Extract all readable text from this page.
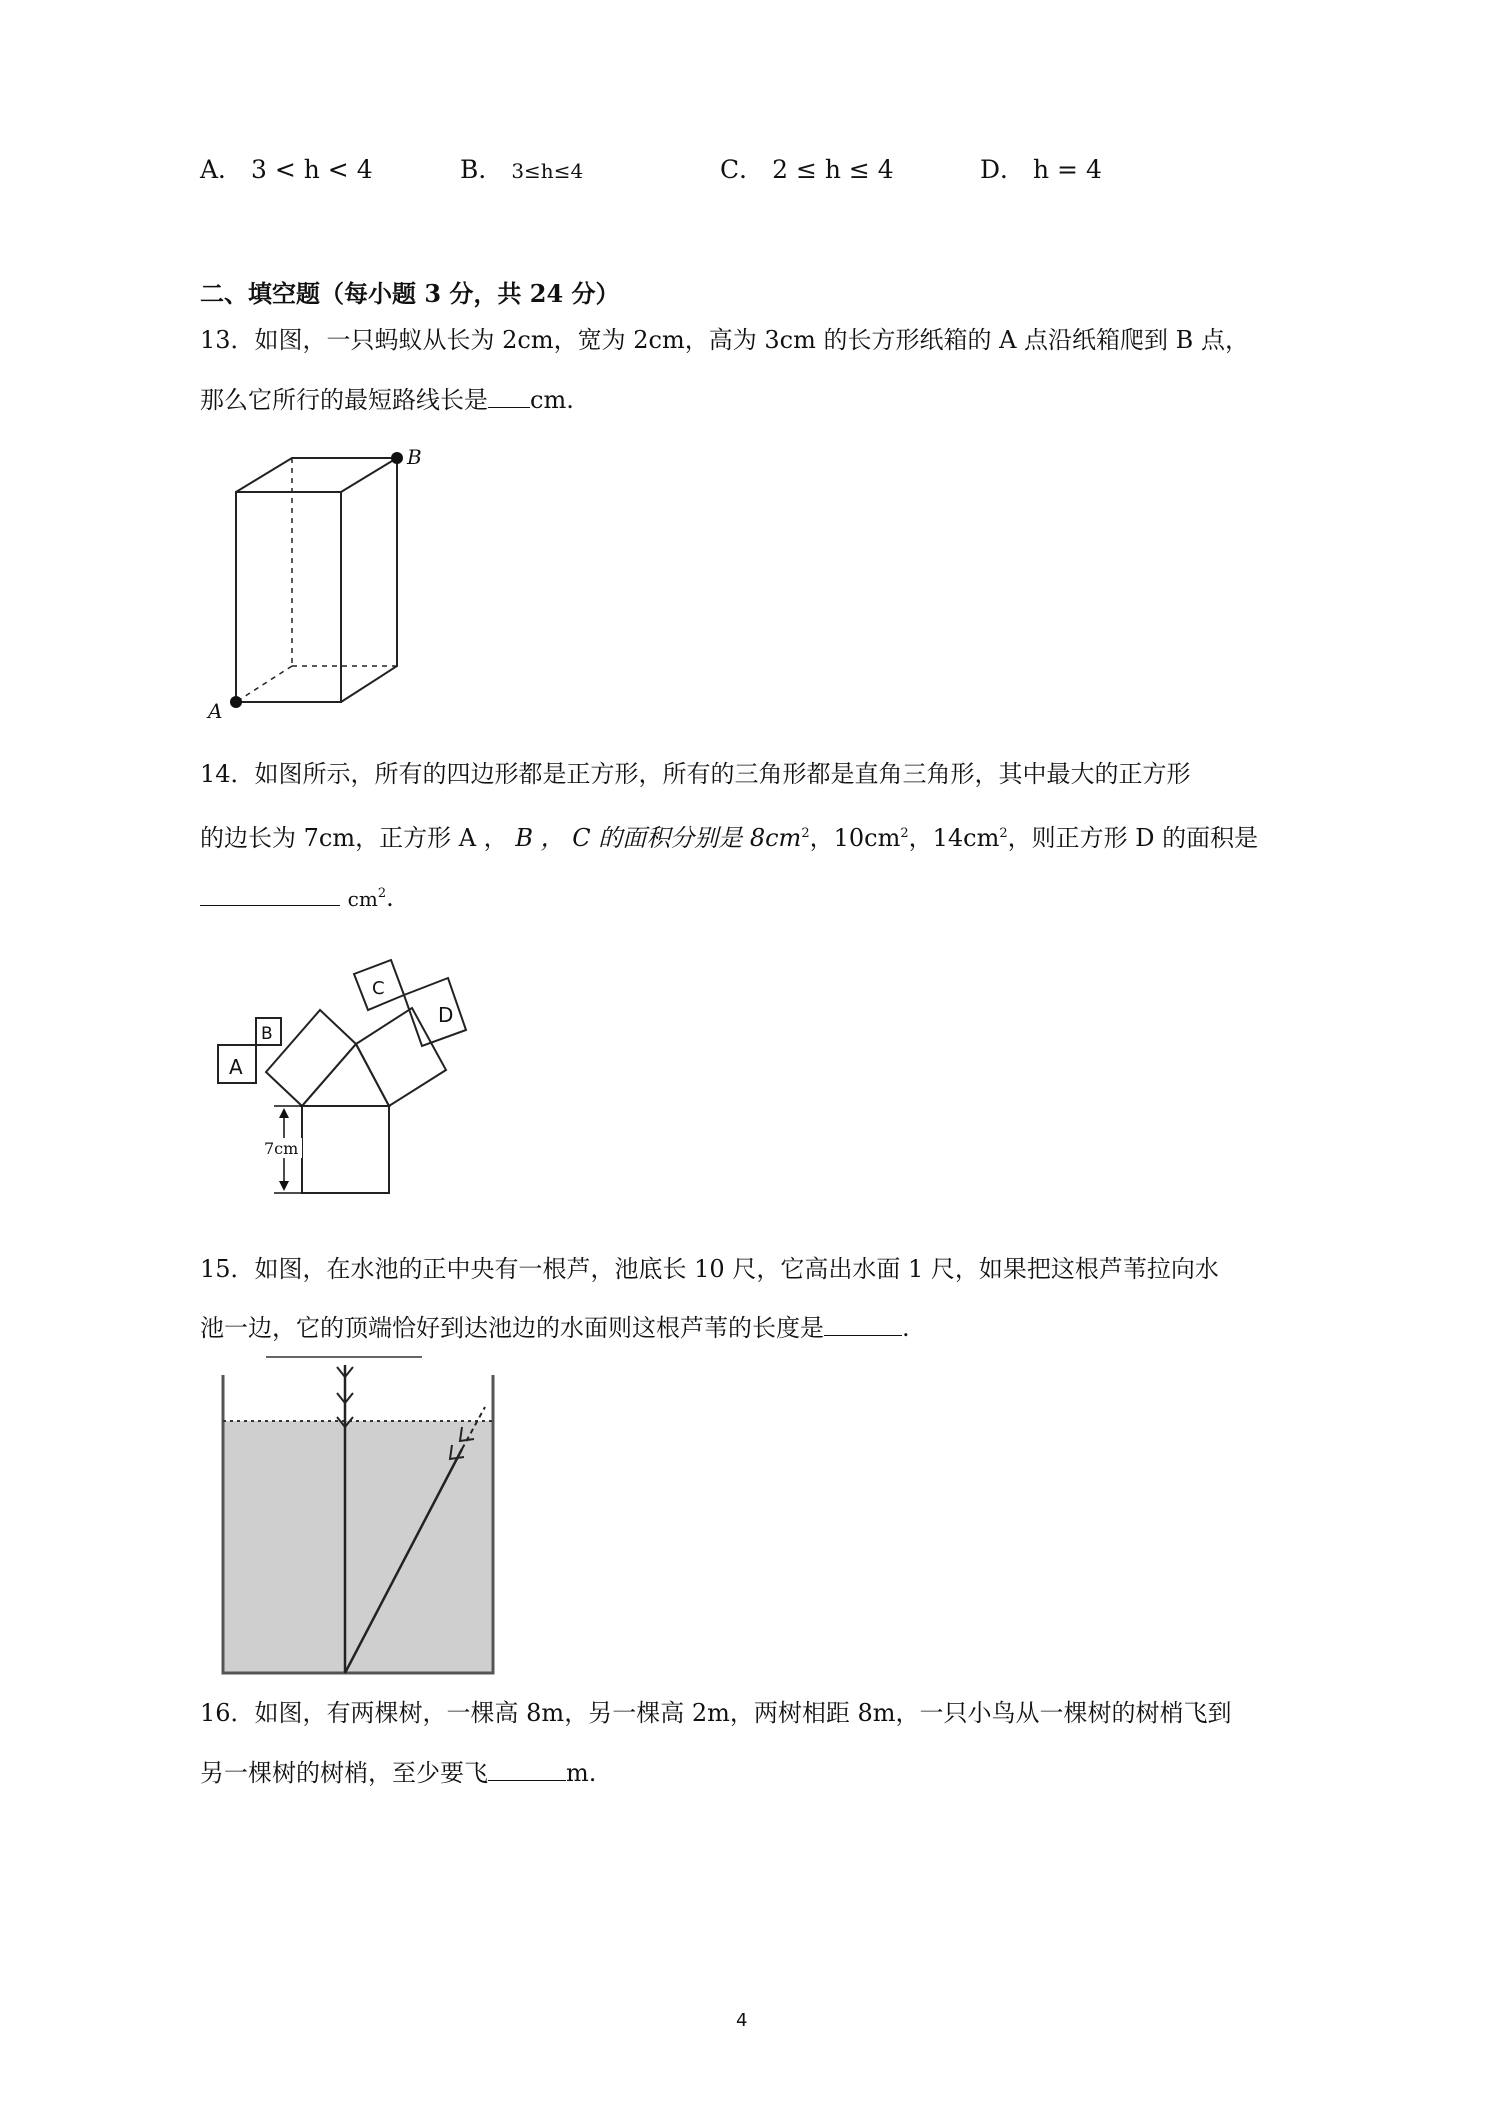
A． 3 < h < 4	B． 3≤h≤4	C． 2 ≤ h ≤ 4	D． h = 4
二、填空题（每小题 3 分，共 24 分）
13．如图，一只蚂蚁从长为 2cm，宽为 2cm，高为 3cm 的长方形纸箱的 A 点沿纸箱爬到 B 点，
那么它所行的最短路线长是 cm.
A
B
14．如图所示，所有的四边形都是正方形，所有的三角形都是直角三角形，其中最大的正方形
的边长为 7cm，正方形 A ， B ， C 的面积分别是 $8cm^2$，$10cm^2$，$14cm^2$，则正方形 D 的面积是
$cm^2$.
A
B
C
D
7cm
15．如图，在水池的正中央有一根芦，池底长 10 尺，它高出水面 1 尺，如果把这根芦苇拉向水
池一边，它的顶端恰好到达池边的水面则这根芦苇的长度是	.
16．如图，有两棵树，一棵高 8m，另一棵高 2m，两树相距 8m，一只小鸟从一棵树的树梢飞到
另一棵树的树梢，至少要飞	m.
4
